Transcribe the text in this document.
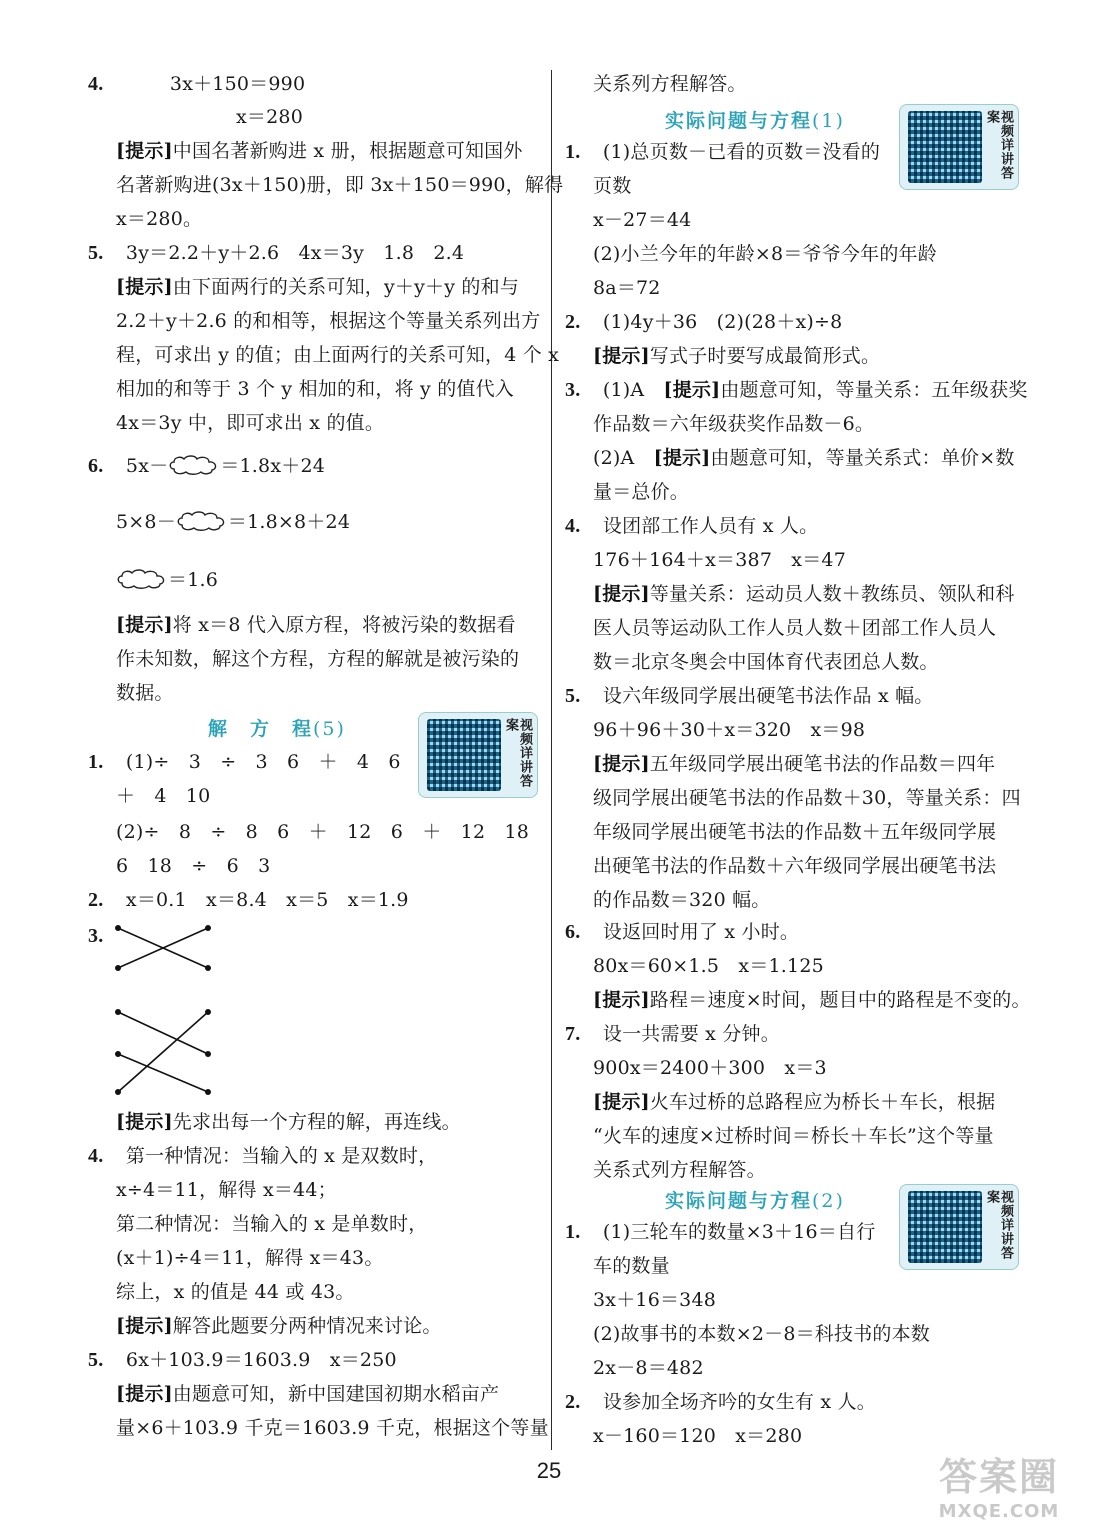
4.	3x＋150＝990
x＝280
[提示]中国名著新购进 x 册，根据题意可知国外
名著新购进(3x＋150)册，即 3x＋150＝990，解得
x＝280。
5. 3y＝2.2＋y＋2.6　4x＝3y　1.8　2.4
[提示]由下面两行的关系可知，y＋y＋y 的和与
2.2＋y＋2.6 的和相等，根据这个等量关系列出方
程，可求出 y 的值；由上面两行的关系可知，4 个 x
相加的和等于 3 个 y 相加的和，将 y 的值代入
4x＝3y 中，即可求出 x 的值。
6. 5x－	＝1.8x＋24
5×8－	＝1.8×8＋24
＝1.6
[提示]将 x＝8 代入原方程，将被污染的数据看
作未知数，解这个方程，方程的解就是被污染的
数据。
解　方　程(5)	视频详讲答案
1. (1)÷　3　÷　3　6　＋　4　6
＋　4　10
(2)÷　8　÷　8　6　＋　12　6　＋　12　18
6　18　÷　6　3
2. x＝0.1　x＝8.4　x＝5　x＝1.9
3.
[提示]先求出每一个方程的解，再连线。
4. 第一种情况：当输入的 x 是双数时，
x÷4＝11，解得 x＝44；
第二种情况：当输入的 x 是单数时，
(x＋1)÷4＝11，解得 x＝43。
综上，x 的值是 44 或 43。
[提示]解答此题要分两种情况来讨论。
5. 6x＋103.9＝1603.9　x＝250
[提示]由题意可知，新中国建国初期水稻亩产
量×6＋103.9 千克＝1603.9 千克，根据这个等量
关系列方程解答。
实际问题与方程(1)	视频详讲答案
1. (1)总页数－已看的页数＝没看的
页数
x－27＝44
(2)小兰今年的年龄×8＝爷爷今年的年龄
8a＝72
2. (1)4y＋36　(2)(28＋x)÷8
[提示]写式子时要写成最简形式。
3. (1)A　[提示]由题意可知，等量关系：五年级获奖
作品数＝六年级获奖作品数－6。
(2)A　[提示]由题意可知，等量关系式：单价×数
量＝总价。
4. 设团部工作人员有 x 人。
176＋164＋x＝387　x＝47
[提示]等量关系：运动员人数＋教练员、领队和科
医人员等运动队工作人员人数＋团部工作人员人
数＝北京冬奥会中国体育代表团总人数。
5. 设六年级同学展出硬笔书法作品 x 幅。
96＋96＋30＋x＝320　x＝98
[提示]五年级同学展出硬笔书法的作品数＝四年
级同学展出硬笔书法的作品数＋30，等量关系：四
年级同学展出硬笔书法的作品数＋五年级同学展
出硬笔书法的作品数＋六年级同学展出硬笔书法
的作品数＝320 幅。
6. 设返回时用了 x 小时。
80x＝60×1.5　x＝1.125
[提示]路程＝速度×时间，题目中的路程是不变的。
7. 设一共需要 x 分钟。
900x＝2400＋300　x＝3
[提示]火车过桥的总路程应为桥长＋车长，根据
“火车的速度×过桥时间＝桥长＋车长”这个等量
关系式列方程解答。
实际问题与方程(2)	视频详讲答案
1. (1)三轮车的数量×3＋16＝自行
车的数量
3x＋16＝348
(2)故事书的本数×2－8＝科技书的本数
2x－8＝482
2. 设参加全场齐吟的女生有 x 人。
x－160＝120　x＝280
25	答案圈
MXQE.COM
